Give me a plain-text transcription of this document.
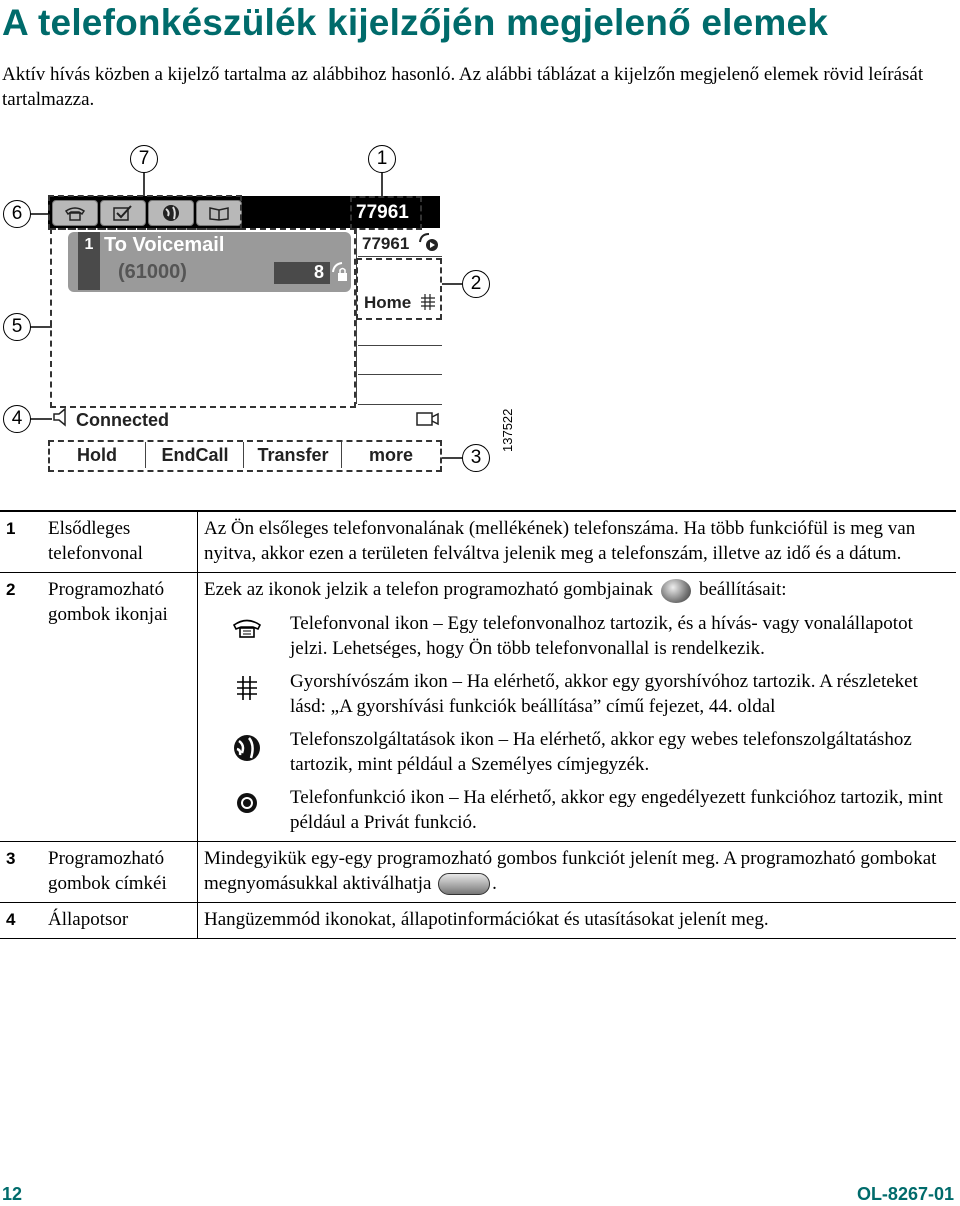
A telefonkészülék kijelzőjén megjelenő elemek
Aktív hívás közben a kijelző tartalma az alábbihoz hasonló. Az alábbi táblázat a kijelzőn megjelenő elemek rövid leírását tartalmazza.
7	1
6
2
5
4
3
77961
1 To Voicemail
(61000)	8
77961
Home
Connected
Hold	EndCall	Transfer	more
137522
1	Elsődleges telefonvonal	Az Ön elsőleges telefonvonalának (mellékének) telefonszáma. Ha több funkciófül is meg van nyitva, akkor ezen a területen felváltva jelenik meg a telefonszám, illetve az idő és a dátum.
2	Programozható gombok ikonjai	Ezek az ikonok jelzik a telefon programozható gombjainak beállításait:
Telefonvonal ikon – Egy telefonvonalhoz tartozik, és a hívás- vagy vonalállapotot jelzi. Lehetséges, hogy Ön több telefonvonallal is rendelkezik.
Gyorshívószám ikon – Ha elérhető, akkor egy gyorshívóhoz tartozik. A részleteket lásd: „A gyorshívási funkciók beállítása” című fejezet, 44. oldal
Telefonszolgáltatások ikon – Ha elérhető, akkor egy webes telefonszolgáltatáshoz tartozik, mint például a Személyes címjegyzék.
Telefonfunkció ikon – Ha elérhető, akkor egy engedélyezett funkcióhoz tartozik, mint például a Privát funkció.

3	Programozható gombok címkéi	Mindegyikük egy-egy programozható gombos funkciót jelenít meg. A programozható gombokat megnyomásukkal aktiválhatja .
4	Állapotsor	Hangüzemmód ikonokat, állapotinformációkat és utasításokat jelenít meg.
12	OL-8267-01
